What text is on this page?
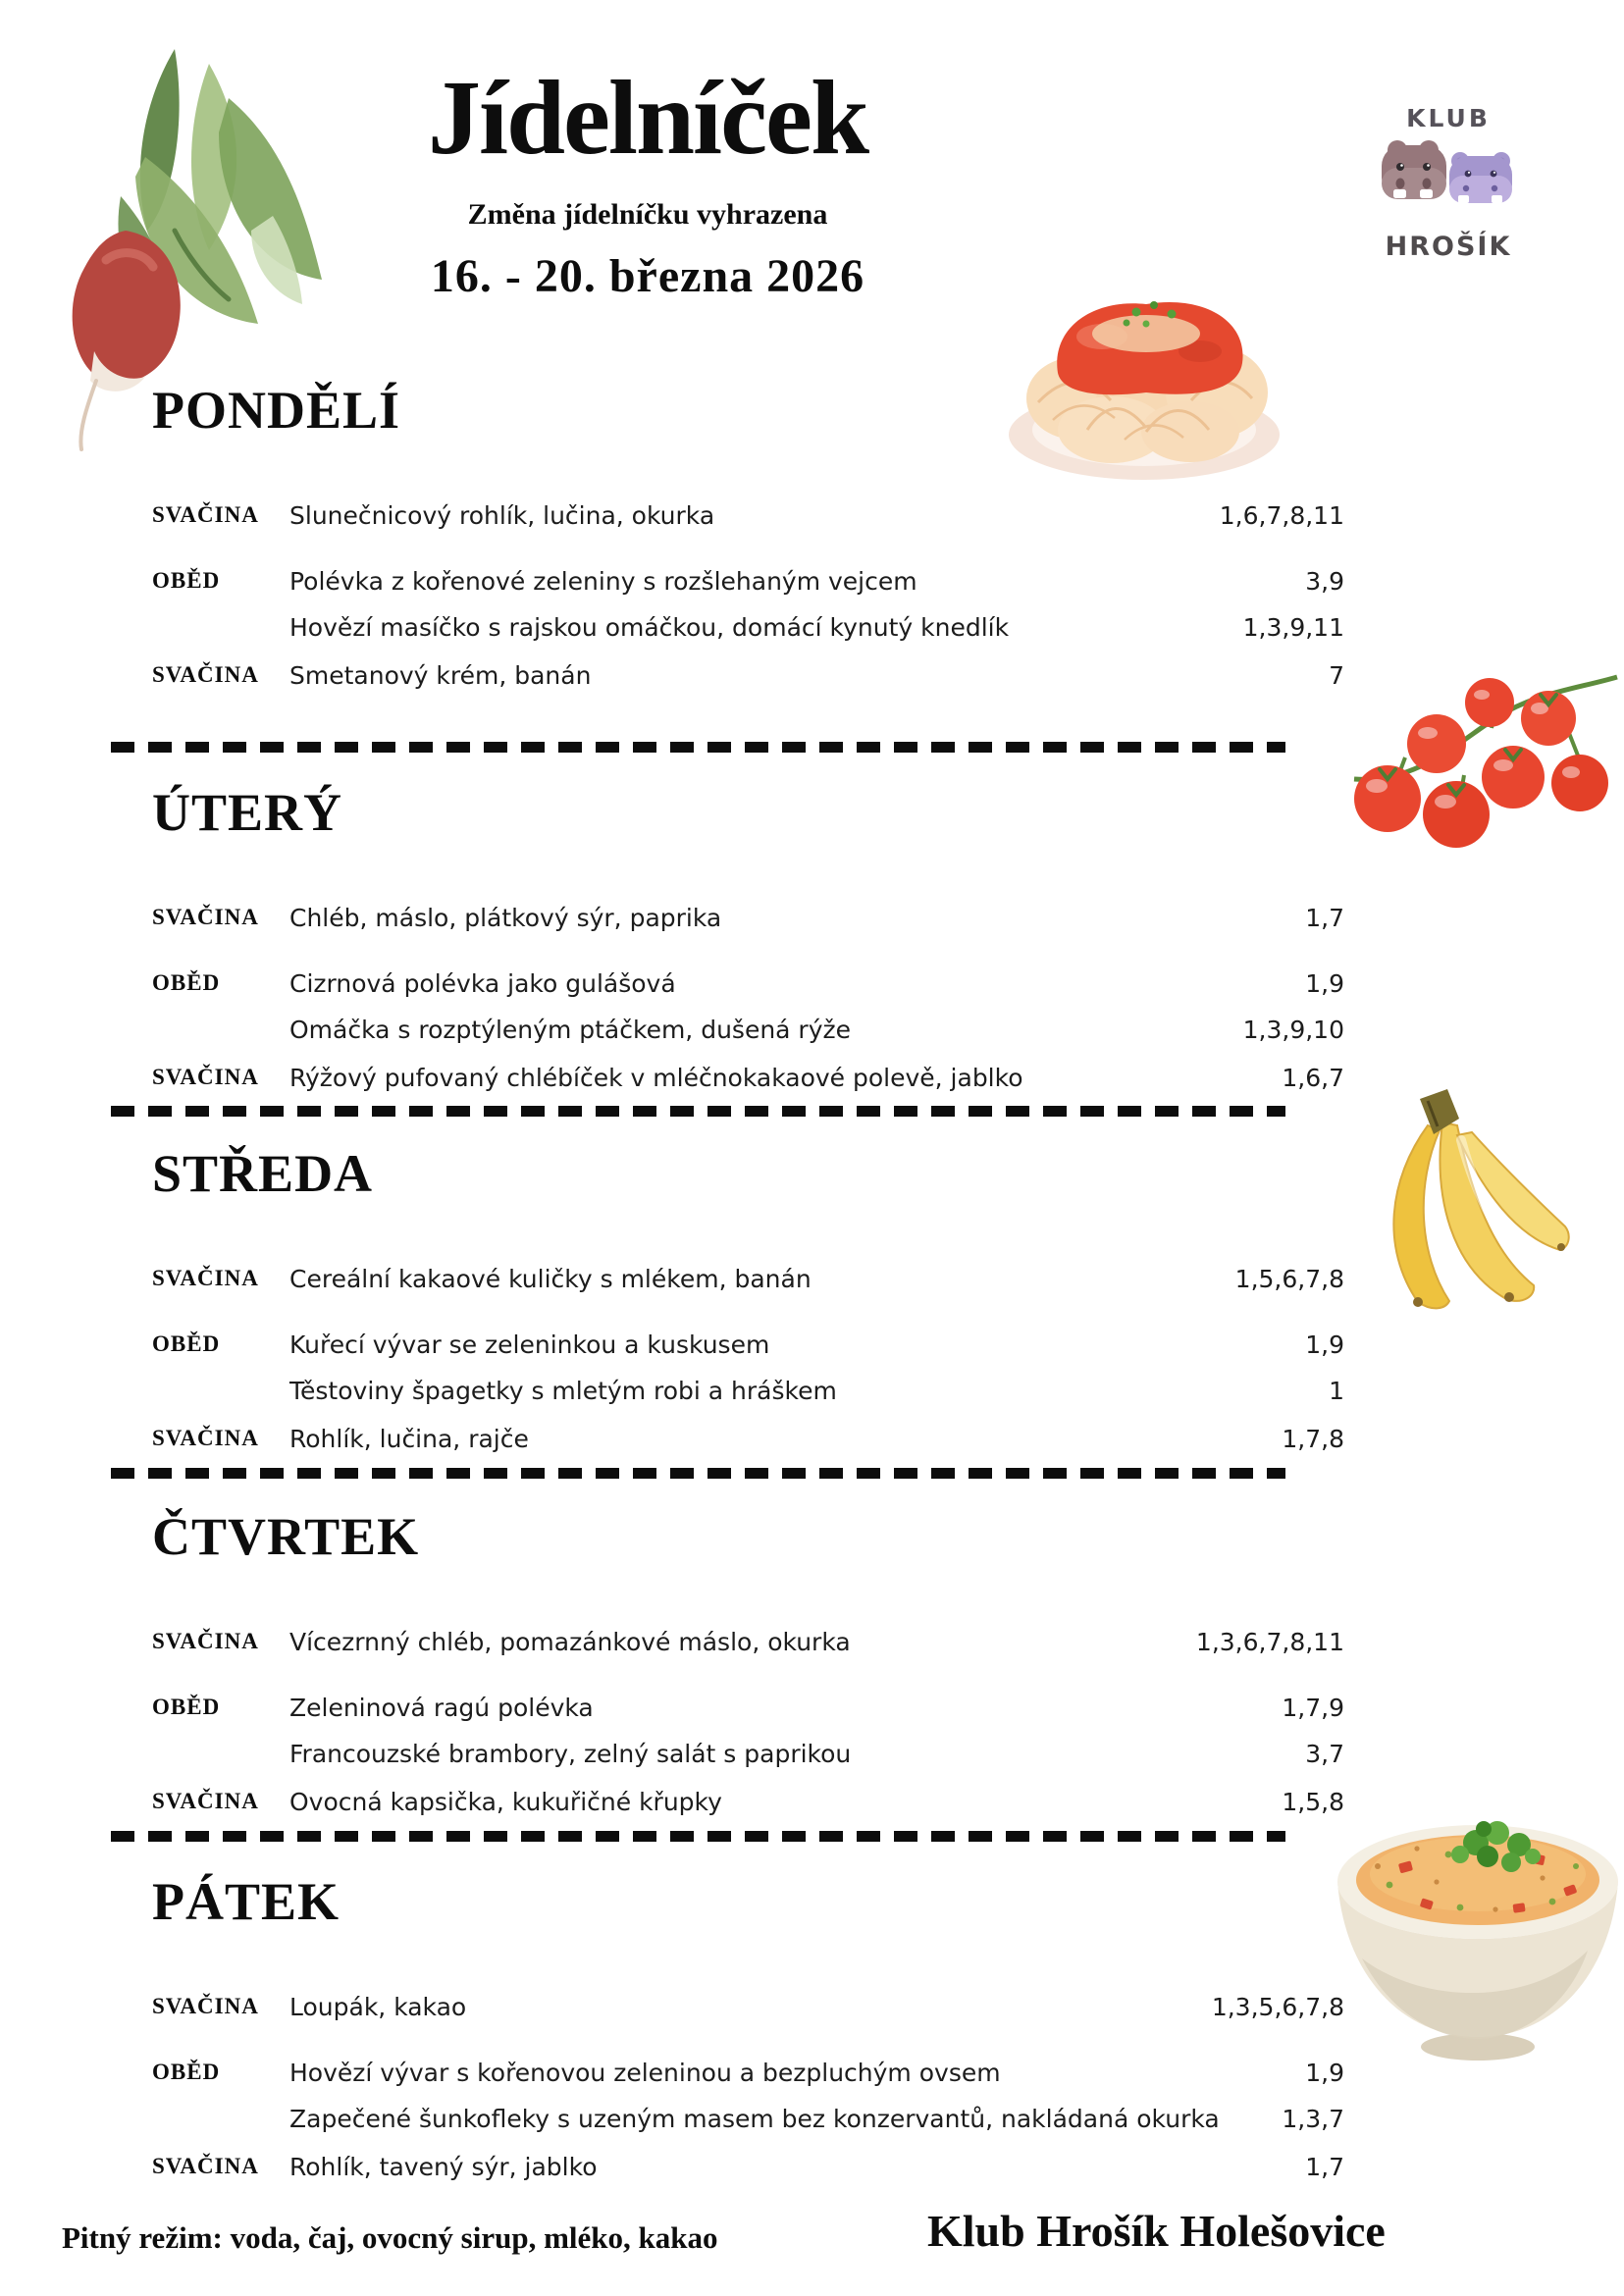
Jídelníček
Změna jídelníčku vyhrazena
16. - 20. března 2026
KLUB
HROŠÍK
PONDĚLÍ
SVAČINA Slunečnicový rohlík, lučina, okurka	1,6,7,8,11
OBĚD	Polévka z kořenové zeleniny s rozšlehaným vejcem	3,9
Hovězí masíčko s rajskou omáčkou, domácí kynutý knedlík	1,3,9,11
SVAČINA Smetanový krém, banán	7
ÚTERÝ
SVAČINA Chléb, máslo, plátkový sýr, paprika	1,7
OBĚD	Cizrnová polévka jako gulášová	1,9
Omáčka s rozptýleným ptáčkem, dušená rýže	1,3,9,10
SVAČINA Rýžový pufovaný chlébíček v mléčnokakaové polevě, jablko	1,6,7
STŘEDA
SVAČINA Cereální kakaové kuličky s mlékem, banán	1,5,6,7,8
OBĚD	Kuřecí vývar se zeleninkou a kuskusem	1,9
Těstoviny špagetky s mletým robi a hráškem	1
SVAČINA Rohlík, lučina, rajče	1,7,8
ČTVRTEK
SVAČINA Vícezrnný chléb, pomazánkové máslo, okurka	1,3,6,7,8,11
OBĚD	Zeleninová ragú polévka	1,7,9
Francouzské brambory, zelný salát s paprikou	3,7
SVAČINA Ovocná kapsička, kukuřičné křupky	1,5,8
PÁTEK
SVAČINA Loupák, kakao	1,3,5,6,7,8
OBĚD	Hovězí vývar s kořenovou zeleninou a bezpluchým ovsem	1,9
Zapečené šunkofleky s uzeným masem bez konzervantů, nakládaná okurka	1,3,7
SVAČINA Rohlík, tavený sýr, jablko	1,7
Pitný režim: voda, čaj, ovocný sirup, mléko, kakao	Klub Hrošík Holešovice
